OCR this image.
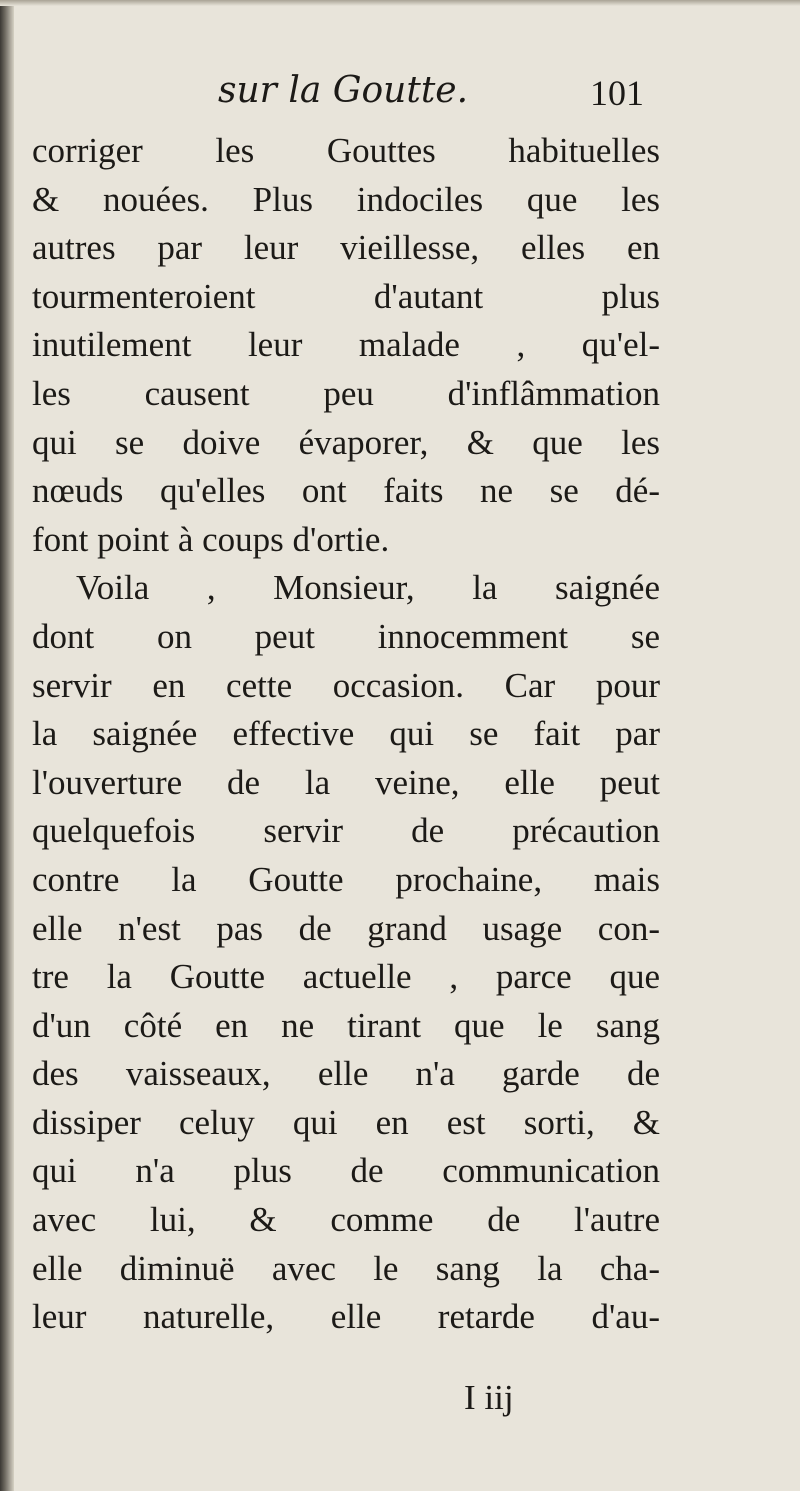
sur la Goutte.	101
corriger les Gouttes habituelles
& nouées. Plus indociles que les
autres par leur vieillesse, elles en
tourmenteroient d'autant plus
inutilement leur malade , qu'el-
les causent peu d'inflâmmation
qui se doive évaporer, & que les
nœuds qu'elles ont faits ne se dé-
font point à coups d'ortie.
Voila , Monsieur, la saignée
dont on peut innocemment se
servir en cette occasion. Car pour
la saignée effective qui se fait par
l'ouverture de la veine, elle peut
quelquefois servir de précaution
contre la Goutte prochaine, mais
elle n'est pas de grand usage con-
tre la Goutte actuelle , parce que
d'un côté en ne tirant que le sang
des vaisseaux, elle n'a garde de
dissiper celuy qui en est sorti, &
qui n'a plus de communication
avec lui, & comme de l'autre
elle diminuë avec le sang la cha-
leur naturelle, elle retarde d'au-
I iij
